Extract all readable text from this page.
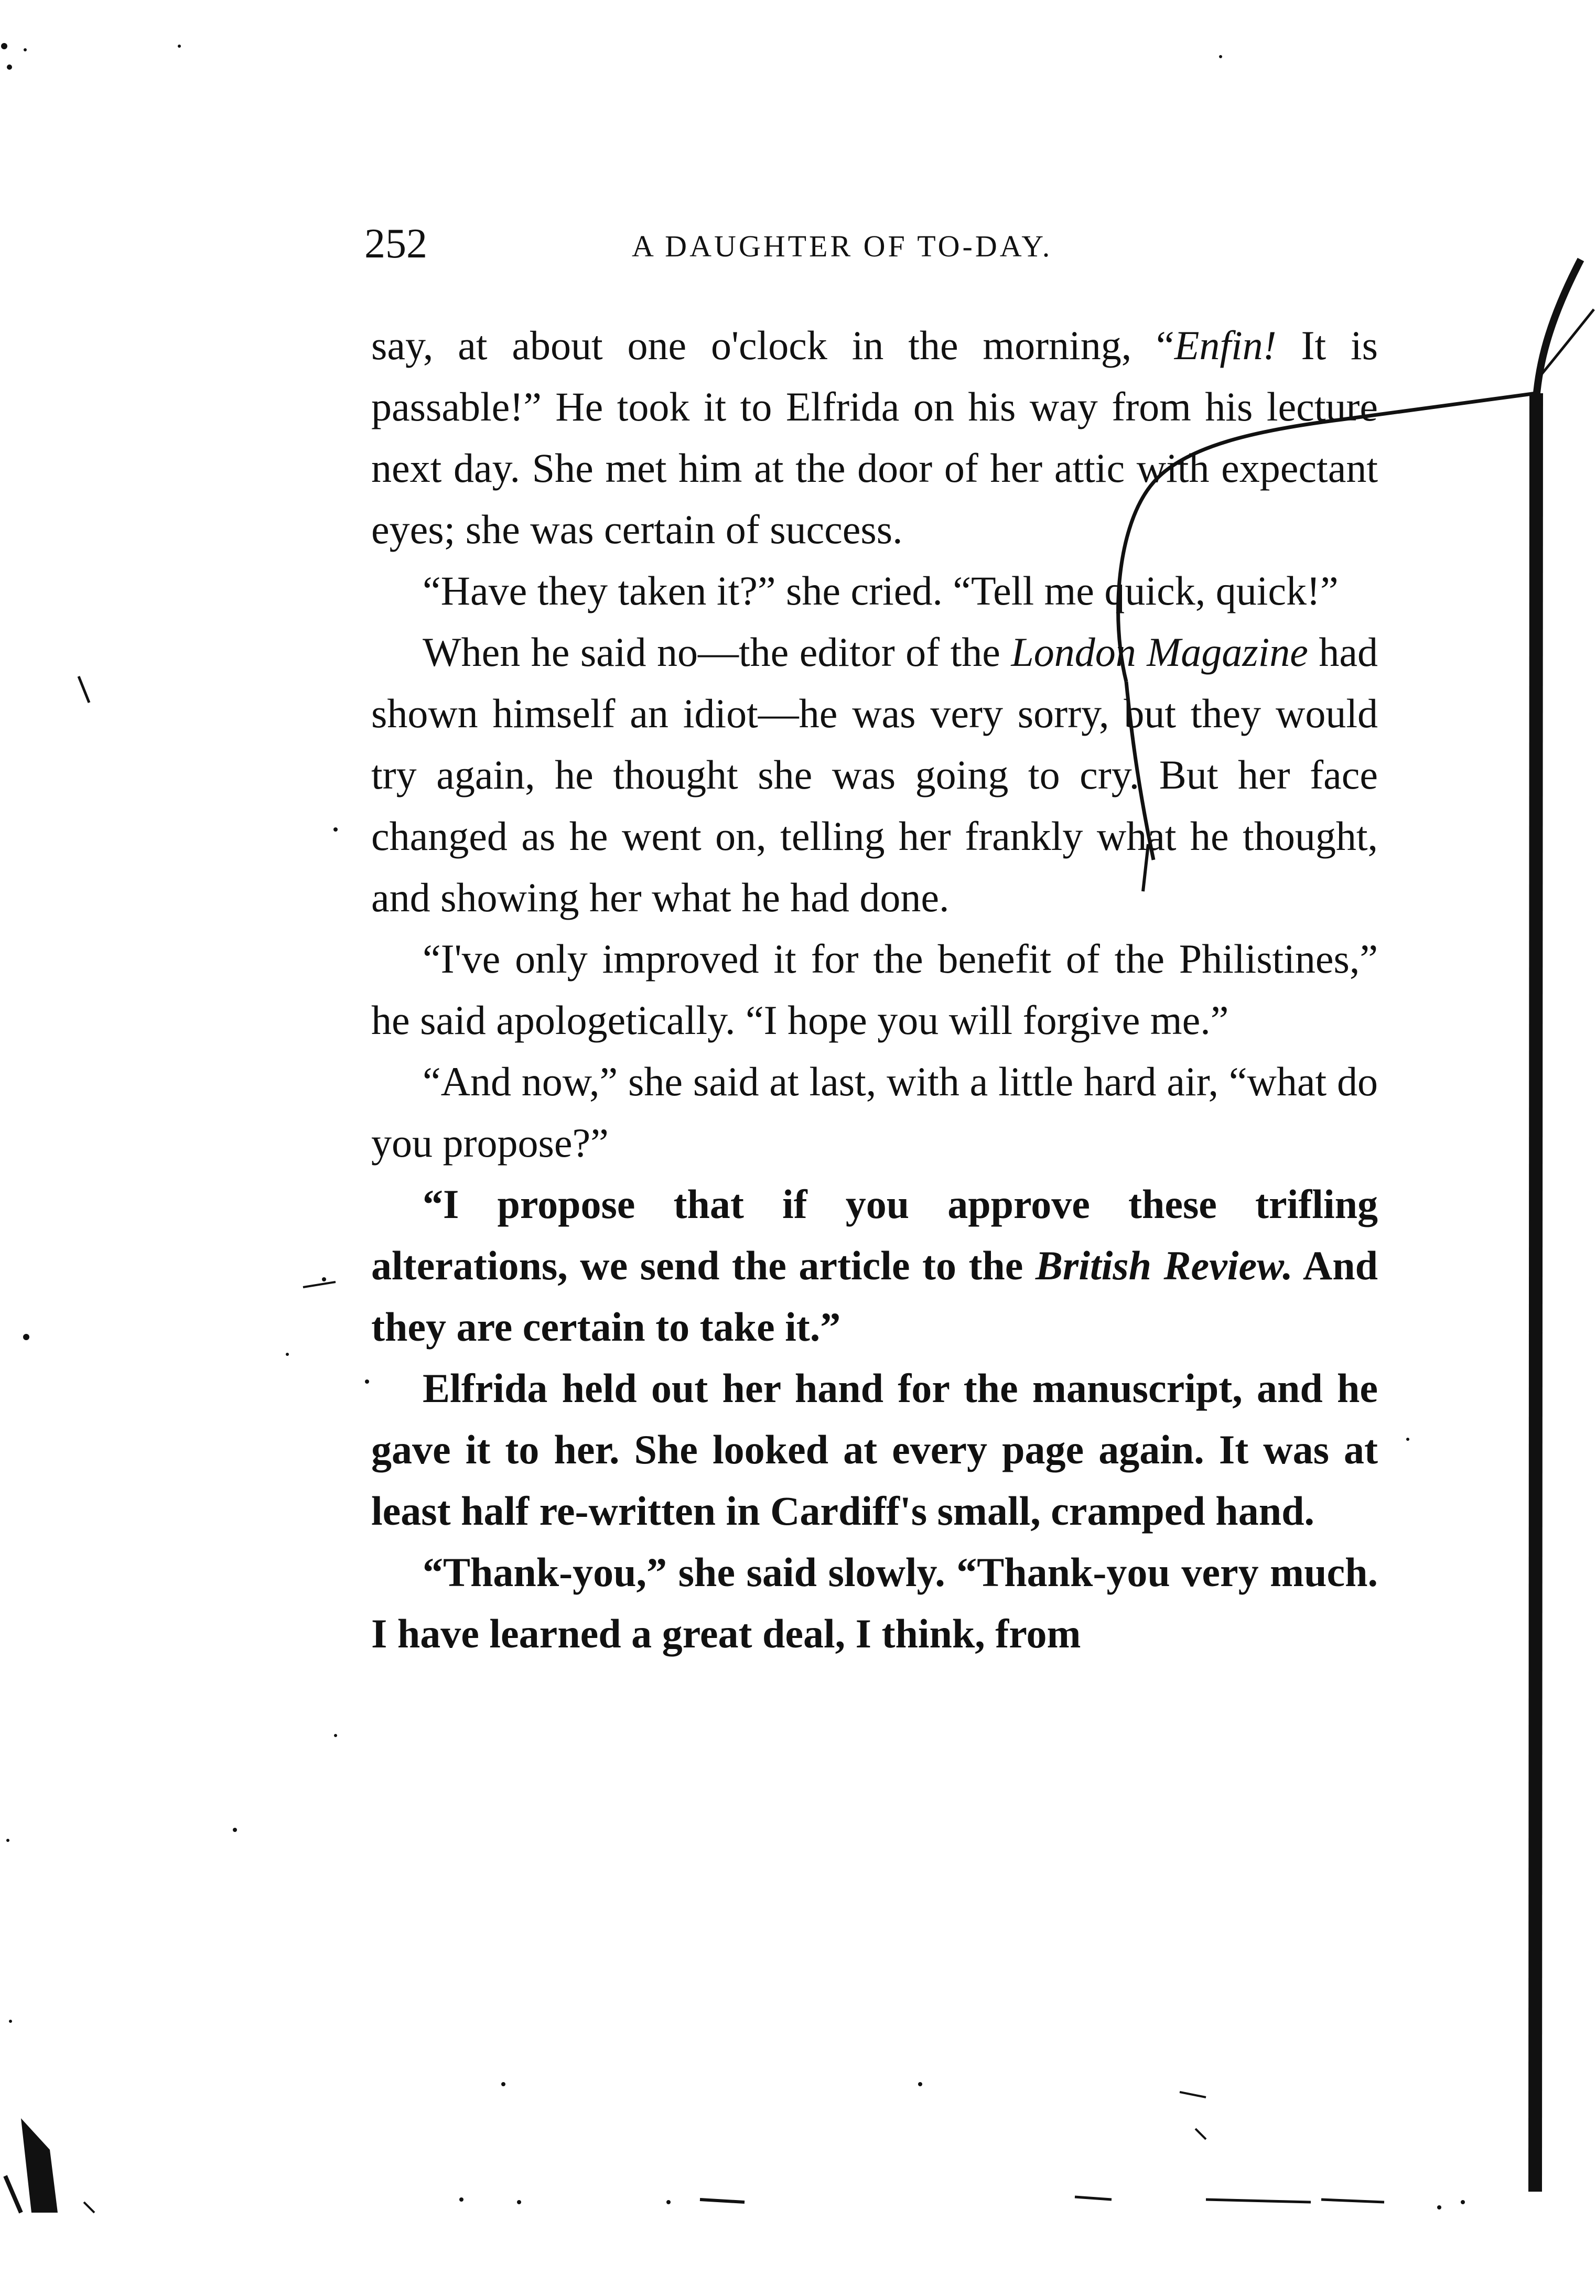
252	A DAUGHTER OF TO-DAY.

say, at about one o'clock in the morning, “Enfin! It is passable!” He took it to Elfrida on his way from his lecture next day. She met him at the door of her attic with expectant eyes; she was certain of success.

“Have they taken it?” she cried. “Tell me quick, quick!”

When he said no—the editor of the London Magazine had shown himself an idiot—he was very sorry, but they would try again, he thought she was going to cry. But her face changed as he went on, telling her frankly what he thought, and showing her what he had done.

“I've only improved it for the benefit of the Philistines,” he said apologetically. “I hope you will forgive me.”

“And now,” she said at last, with a little hard air, “what do you propose?”

“I propose that if you approve these trifling alterations, we send the article to the British Review. And they are certain to take it.”

Elfrida held out her hand for the manuscript, and he gave it to her. She looked at every page again. It was at least half re-written in Cardiff's small, cramped hand.

“Thank-you,” she said slowly. “Thank-you very much. I have learned a great deal, I think, from
